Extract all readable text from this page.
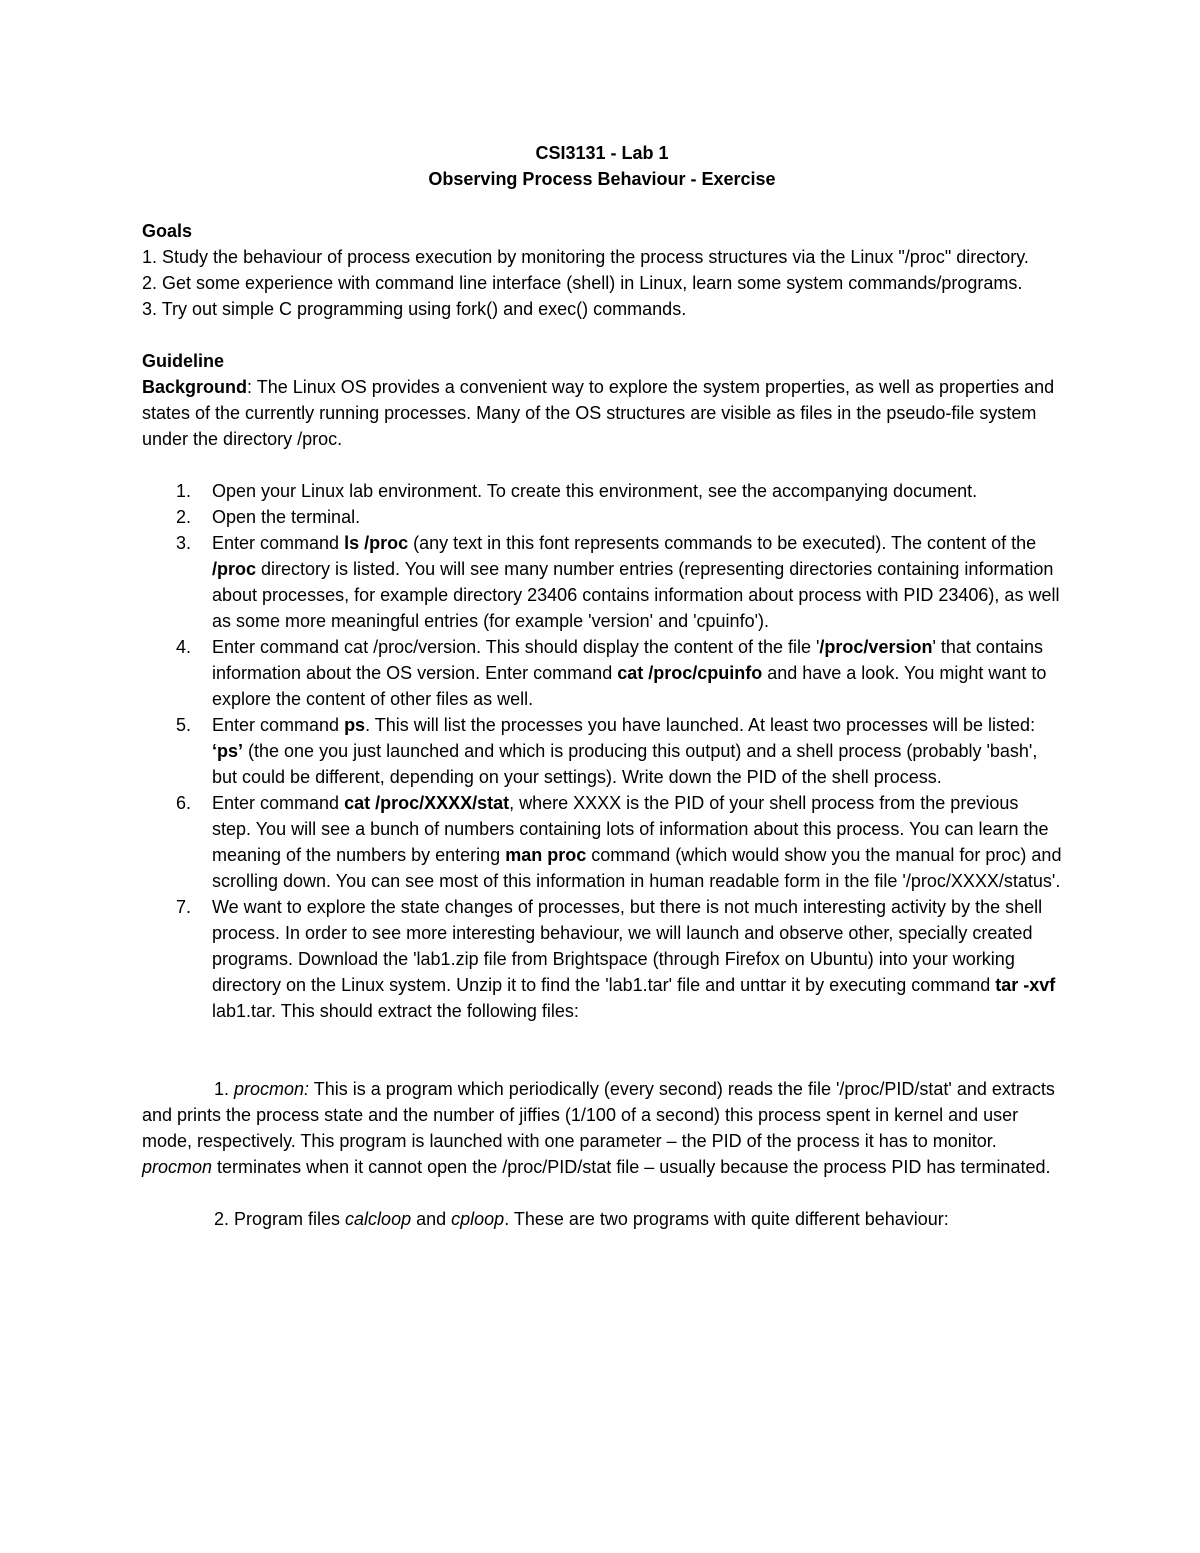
CSI3131 - Lab 1

Observing Process Behaviour - Exercise

Goals

1. Study the behaviour of process execution by monitoring the process structures via the Linux "/proc" directory.

2. Get some experience with command line interface (shell) in Linux, learn some system commands/programs.

3. Try out simple C programming using fork() and exec() commands.

Guideline

Background: The Linux OS provides a convenient way to explore the system properties, as well as properties and states of the currently running processes. Many of the OS structures are visible as files in the pseudo-file system under the directory /proc.

1. Open your Linux lab environment. To create this environment, see the accompanying document.
2. Open the terminal.
3. Enter command ls /proc (any text in this font represents commands to be executed). The content of the /proc directory is listed. You will see many number entries (representing directories containing information about processes, for example directory 23406 contains information about process with PID 23406), as well as some more meaningful entries (for example 'version' and 'cpuinfo').
4. Enter command cat /proc/version. This should display the content of the file '/proc/version' that contains information about the OS version. Enter command cat /proc/cpuinfo and have a look. You might want to explore the content of other files as well.
5. Enter command ps. This will list the processes you have launched. At least two processes will be listed: ‘ps’ (the one you just launched and which is producing this output) and a shell process (probably 'bash', but could be different, depending on your settings). Write down the PID of the shell process.
6. Enter command cat /proc/XXXX/stat, where XXXX is the PID of your shell process from the previous step. You will see a bunch of numbers containing lots of information about this process. You can learn the meaning of the numbers by entering man proc command (which would show you the manual for proc) and scrolling down. You can see most of this information in human readable form in the file '/proc/XXXX/status'.
7. We want to explore the state changes of processes, but there is not much interesting activity by the shell process. In order to see more interesting behaviour, we will launch and observe other, specially created programs. Download the 'lab1.zip file from Brightspace (through Firefox on Ubuntu) into your working directory on the Linux system. Unzip it to find the 'lab1.tar' file and unttar it by executing command tar -xvf lab1.tar. This should extract the following files:

1. procmon: This is a program which periodically (every second) reads the file '/proc/PID/stat' and extracts and prints the process state and the number of jiffies (1/100 of a second) this process spent in kernel and user mode, respectively. This program is launched with one parameter – the PID of the process it has to monitor. procmon terminates when it cannot open the /proc/PID/stat file – usually because the process PID has terminated.

2. Program files calcloop and cploop. These are two programs with quite different behaviour:
